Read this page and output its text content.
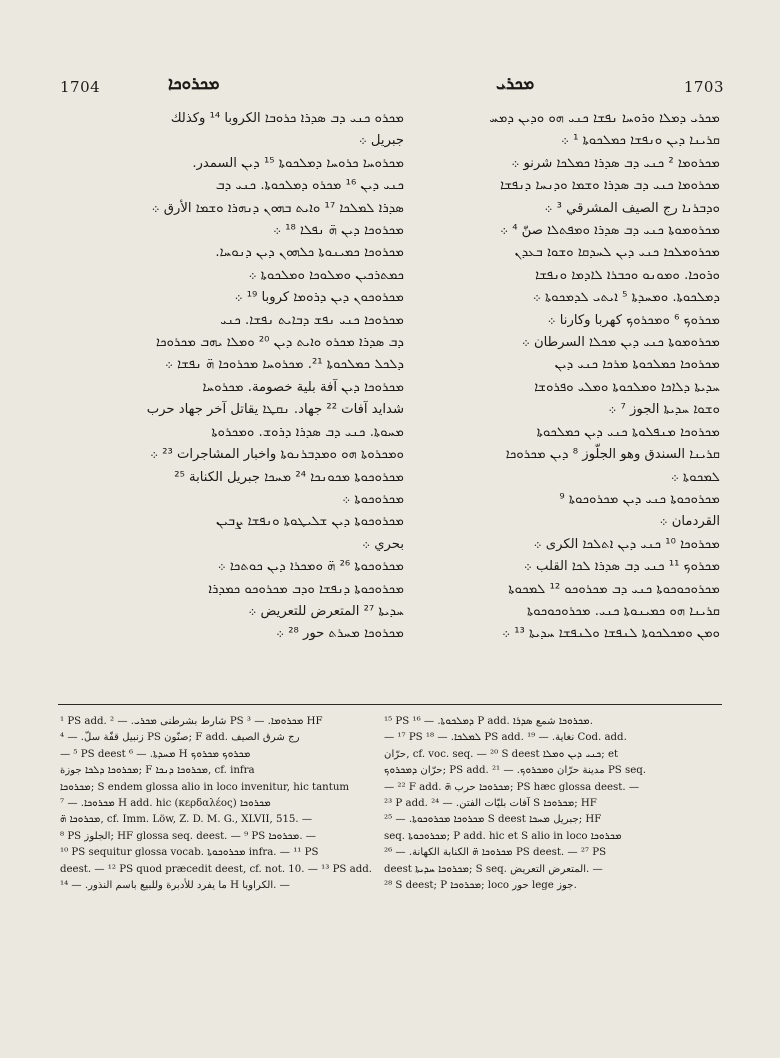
1704	ܡܟܪܘܟܐ	ܡܟܪܝ	1703

ܡܟܪܘ ܟܢܝ ܕܒ ܣܕܪܐ ܟܪܘܒܐ الكروبا ¹⁴ وكذلك

جبريل ܀

ܡܟܪܘܚܐ ܟܪܘܚܐ ܕܡܠܟܘܬܐ ¹⁵ ܕܝܢ السمدر.

ܟܢܝ ܕܝܢ ¹⁶ ܡܟܪܘ ܕܡܠܟܘܬܐ. ܟܢܝ ܕܒ

ܣܕܪܐ ܠܡܠܟܐ ¹⁷ ܘܐܝܬ ܒܗܘܢ ܕܢܗܪܐ ܘܫܡܐ الأرق ܀

ܡܟܪܘܟܐ ܕܝܢ ܗ̈ ܢܦܠܐ ¹⁸ ܀

ܡܟܪܘܟܐ ܟܡܝܢܘܬܐ ܟܠܗܘܢ ܕܝܢ ܕܢܘܚܐ.

ܟܡܬܪܟܝܢ ܘܡܠܘܟܐ ܘܡܠܟܘܬܐ ܀

ܡܟܪܘܟܘܢ ܕܝܢ ܕܪܘܡܐ كروبا ¹⁹ ܀

ܡܟܪܘܟܐ ܟܢܝ ܢܦܫ ܕܒܐܝܬ ܢܦܫܐ. ܟܢܝ

ܕܒ ܣܕܪܐ ܡܟܪܘ ܘܐܝܬ ܕܝܢ ²⁰ ܘܡܠܐ ܝܗܒ ܡܟܪܘܟܐ

ܕܠܟܠ ܟܡܠܟܘܬܐ ²¹. ܡܟܪܘܚܐ ܡܟܪܘܟܐ ܗ̈ ܢܦܫܐ ܀

ܡܟܪܘܟܐ ܕܝܢ آفة بلية خصومة. ܡܟܪܘܚܐ

شدايد آفات ²² جهاد. ܢܩܛܐ يقاتل آخر جهاد حرب

ܡܚܘܬܐ. ܟܢܝ ܕܒ ܣܕܪܐ ܕܪܘܫ. ܘܡܟܪܘܬܐ

ܘܡܟܪܘܬܐ ܗܘ ܘܡܕܒܪܢܘܬܐ واخبار المشاجرات ²³ ܀

ܡܟܪܘܟܘܬܐ ܡܟܘܢܟܐ ²⁴ ܡܚܟܐ جبريل الكنابة ²⁵

ܡܟܪܘܟܘܬܐ ܀

ܡܟܪܘܟܘܬܐ ܕܝܢ ܫܠܝܛܘܬܐ ܘܢܦܫܐ ܨܒܝܢ

بحري ܀

ܡܟܪܘܟܘܬܐ ²⁶ ܗ̈ ܘܡܟܪܐ ܕܝܢ ܟܘܬܟܐ ܀

ܡܟܪܘܟܘܬܐ ܕܢܦܫܐ ܘܕܒ ܡܟܪܘܟܘ ܟܡܕܪܐ

ܚܕܝܬܐ ²⁷ المتعرض للتعريض ܀

ܡܟܪܘܟܐ ܡܚܪܬ حور ²⁸ ܀

ܡܟܪܝ ܕܡܠܐ ܘܪܘܚܐ ܢܦܫܐ ܟܢܝ ܗܘ ܘܕܝܢ ܕܡܚ

ܩܪܝܢܐ ܕܝܢ ܘܢܦܫܐ ܟܡܠܟܘܬܐ ¹ ܀

ܡܟܪܘܡܐ ² ܟܢܝ ܕܒ ܣܕܪܐ ܟܡܠܟܐ شرنو ܀

ܡܟܪܘܡܐ ܟܢܝ ܕܒ ܣܕܪܐ ܘܫܡܐ ܘܕܢܚܐ ܕܢܦܫܐ

ܘܕܒܪܢܐ رج الصيف المشرقي ³ ܀

ܡܟܪܘܡܘܬܐ ܟܢܝ ܕܒ ܣܕܪܐ ܘܡܦܬܠܐ صنّ ⁴ ܀

ܡܟܪܘܡܠܟܐ ܟܢܝ ܕܝܢ ܠܚܕܩܐ ܘܫܘܐ ܒܥܕܢ

ܘܪܘܟܐ. ܘܡܘܢܘ ܘܟܒܪܐ ܠܐܕܡܐ ܘܢܦܫܐ

ܕܡܠܟܘܬܐ. ܘܡܚܕܬܐ ⁵ ܐܝܬܝ ܠܕܡܟܘܬܐ ܀

ܡܟܪܘܟ ⁶ ܘܡܟܪܘܟ كهربا وكارنا ܀

ܡܟܪܘܡܘܬܐ ܟܢܝ ܕܝܢ ܡܟܠܐ السرطان ܀

ܡܟܪܘܟܐ ܟܡܠܟܘܬܐ ܡܪܟܐ ܟܢܝ ܕܝܢ

ܚܕܝܬܐ ܕܠܐܟܐ ܘܡܠܟܘܬܐ ܘܡܠܝ ܘܦܪܘܫܐ

ܘܫܘܐ ܚܕܝܬܐ الجوز ⁷ ܀

ܡܟܪܘܟܐ ܡܢܦܠܘܬܐ ܟܢܝ ܕܝܢ ܟܡܠܟܘܬܐ

ܩܪܝܢܐ السندق وهو الجلّوز ⁸ ܕܝܢ ܡܟܪܘܟܐ

ܠܡܟܘܬܐ ܀

ܡܟܪܘܟܘܬܐ ܟܢܝ ܕܝܢ ܡܟܪܘܟܘܬܐ ⁹

القردمان ܀

ܡܟܪܘܟܐ ¹⁰ ܟܢܝ ܕܝܢ ܐܬܠܟܐ الكرى ܀

ܡܟܪܘܟ ¹¹ ܟܢܝ ܕܒ ܣܕܪܐ ܠܟܐ القلب ܀

ܡܟܪܘܟܘܟܘܬܐ ܟܢܝ ܕܒ ܡܟܪܘܟܘ ¹² ܠܡܟܘܬܐ

ܩܪܝܢܐ ܗܘ ܟܡܝܢܘܬܐ ܟܢܝ. ܡܟܪܘܟܘܟܘܬܐ

ܘܡܢ ܘܡܟܠܟܘܬܐ ܠܢܦܫܐ ܘܠܢܦܫܐ ܚܕܝܬܐ ¹³ ܀

¹ PS add. شارط بشرطنى ܡܟܪܝ. — ² PS ܡܟܪܘܡܐ. — ³ HF

زنبيل قفّة سلّ. — ⁴ PS صنّون; F add. رج شرق الصيف

— ⁵ PS deest ܡܚܕܬܐ. — ⁶ H ܡܟܪܘܟ ܡܟܪܘܟ

ܡܟܪܘܟܐ ܕܠܟܐ جوزة; F ܡܟܪܘܟܐ ܕܢܟܐ, cf. infra

ܡܟܪܘܟܐ; S endem glossa alio in loco invenitur, hic tantum

ܡܟܪܘܟܐ. — ⁷ H add. hic (κερδαλέος) ܡܟܪܘܟܐ

ܡܟܪܘܟܐ ܗ̈, cf. Imm. Löw, Z. D. M. G., XLVII, 515. —

⁸ PS الجلوز; HF glossa seq. deest. — ⁹ PS ܡܟܪܘܟܐ. —

¹⁰ PS sequitur glossa vocab. ܡܟܪܘܟܘܬܐ infra. — ¹¹ PS

deest. — ¹² PS quod præcedit deest, cf. not. 10. — ¹³ PS add.

ما يفرد للأدبرة وللبيع باسم النذور. — ¹⁴ H الكراوبا. —

¹⁵ PS ܕܡܠܟܘܬܐ. — ¹⁶ P add. ܡܟܪܘܟܐ شمع ܣܕܪܐ.

— ¹⁷ PS ܠܡܠܟܐ. — ¹⁸ PS add. نغاية. — ¹⁹ Cod. add.

حرّان, cf. voc. seq. — ²⁰ S deest ܟܢܝ ܕܝܢ ܘܡܠܐ; et

حرّان ܕܡܟܪܘܟ; PS add. مدينة حرّان ܘܡܟܪܘܟ. — ²¹ PS seq.

— ²² F add. ܡܟܪܘܟܐ حرب ܗ̈; PS hæc glossa deest. —

²³ P add. آفات بليّات الفتن. — ²⁴ S ܡܟܪܘܟܐ; HF

ܡܟܪܘܟܐ ܡܟܪܘܟܘܬܐ. — ²⁵ S deest جبريل ܡܚܟܐ; HF

seq. ܡܟܪܘܟܘܬܐ; P add. hic et S alio in loco ܡܟܪܘܟܐ

ܡܟܪܘܟܐ ܗ̈ الكنابة الكهانة. — ²⁶ PS deest. — ²⁷ PS

deest ܡܟܪܘܟܐ ܚܕܝܬܐ; S seq. المتعرض التعريض. —

²⁸ S deest; P ܡܟܪܘܟܐ; loco حور lege جوز.
